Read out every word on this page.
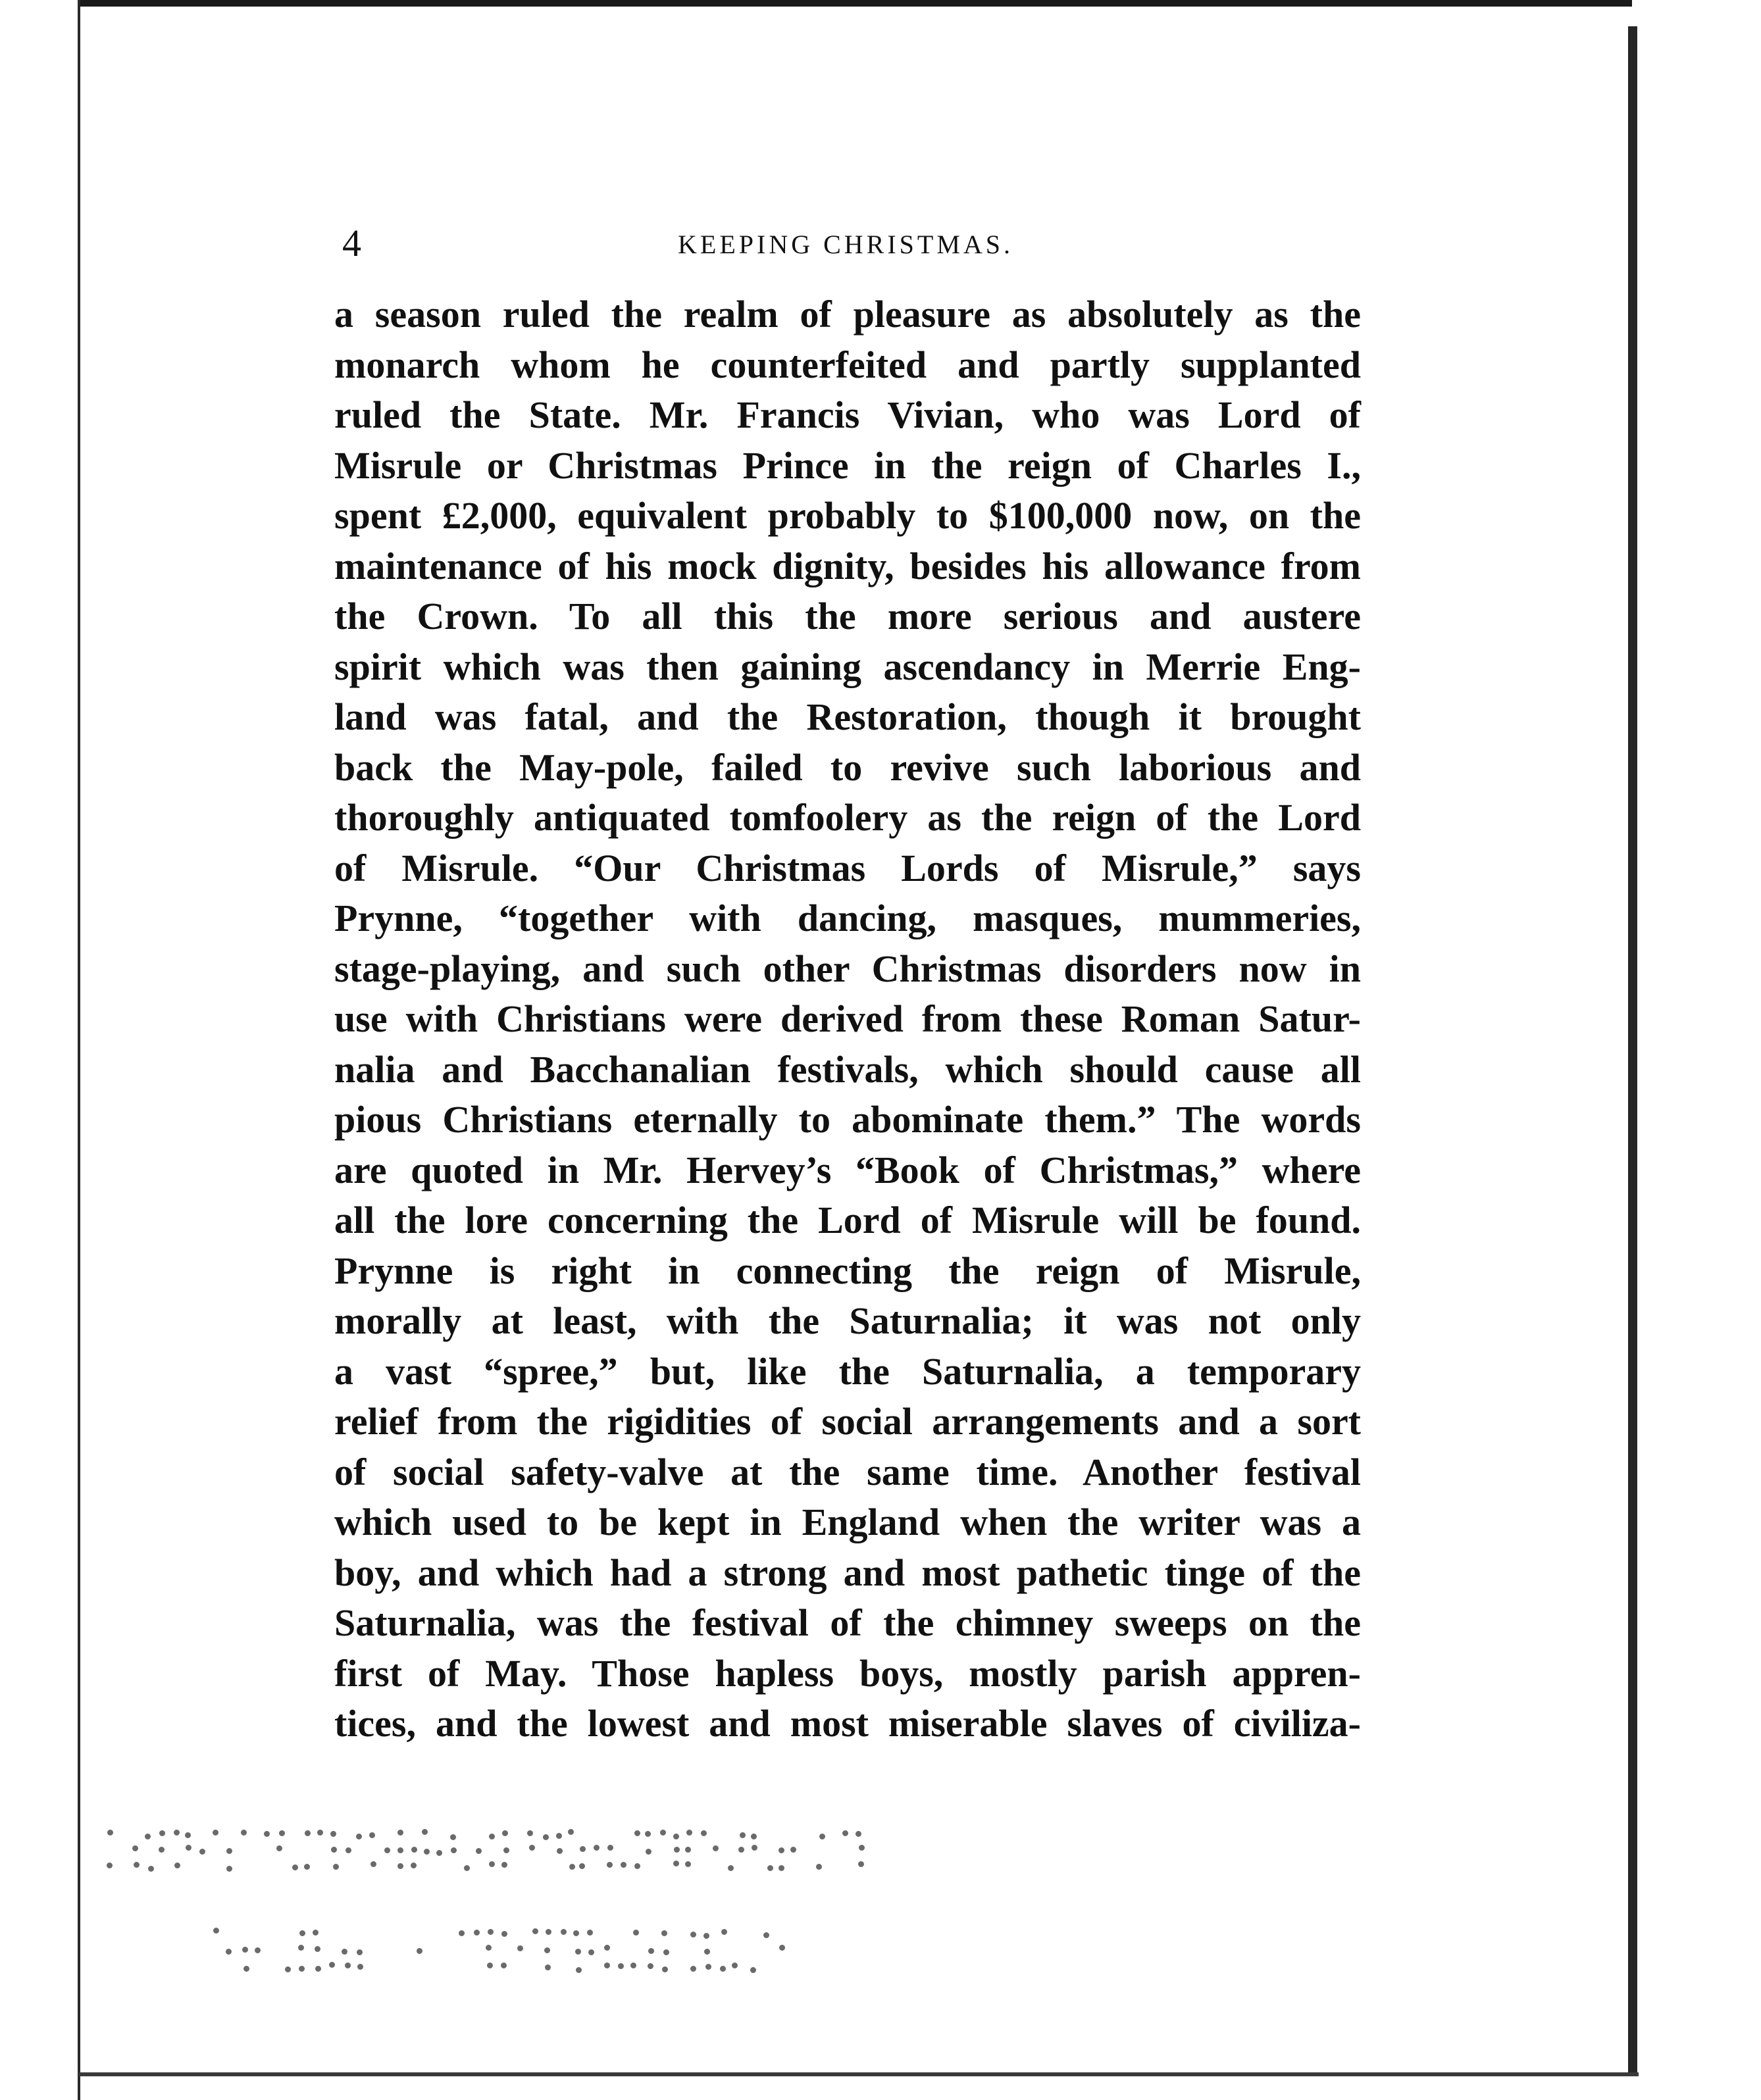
4	KEEPING CHRISTMAS.
a season ruled the realm of pleasure as absolutely as the
monarch whom he counterfeited and partly supplanted
ruled the State. Mr. Francis Vivian, who was Lord of
Misrule or Christmas Prince in the reign of Charles I.,
spent £2,000, equivalent probably to $100,000 now, on the
maintenance of his mock dignity, besides his allowance from
the Crown. To all this the more serious and austere
spirit which was then gaining ascendancy in Merrie Eng-
land was fatal, and the Restoration, though it brought
back the May-pole, failed to revive such laborious and
thoroughly antiquated tomfoolery as the reign of the Lord
of Misrule. “Our Christmas Lords of Misrule,” says
Prynne, “together with dancing, masques, mummeries,
stage-playing, and such other Christmas disorders now in
use with Christians were derived from these Roman Satur-
nalia and Bacchanalian festivals, which should cause all
pious Christians eternally to abominate them.” The words
are quoted in Mr. Hervey’s “Book of Christmas,” where
all the lore concerning the Lord of Misrule will be found.
Prynne is right in connecting the reign of Misrule,
morally at least, with the Saturnalia; it was not only
a vast “spree,” but, like the Saturnalia, a temporary
relief from the rigidities of social arrangements and a sort
of social safety-valve at the same time. Another festival
which used to be kept in England when the writer was a
boy, and which had a strong and most pathetic tinge of the
Saturnalia, was the festival of the chimney sweeps on the
first of May. Those hapless boys, mostly parish appren-
tices, and the lowest and most miserable slaves of civiliza-
